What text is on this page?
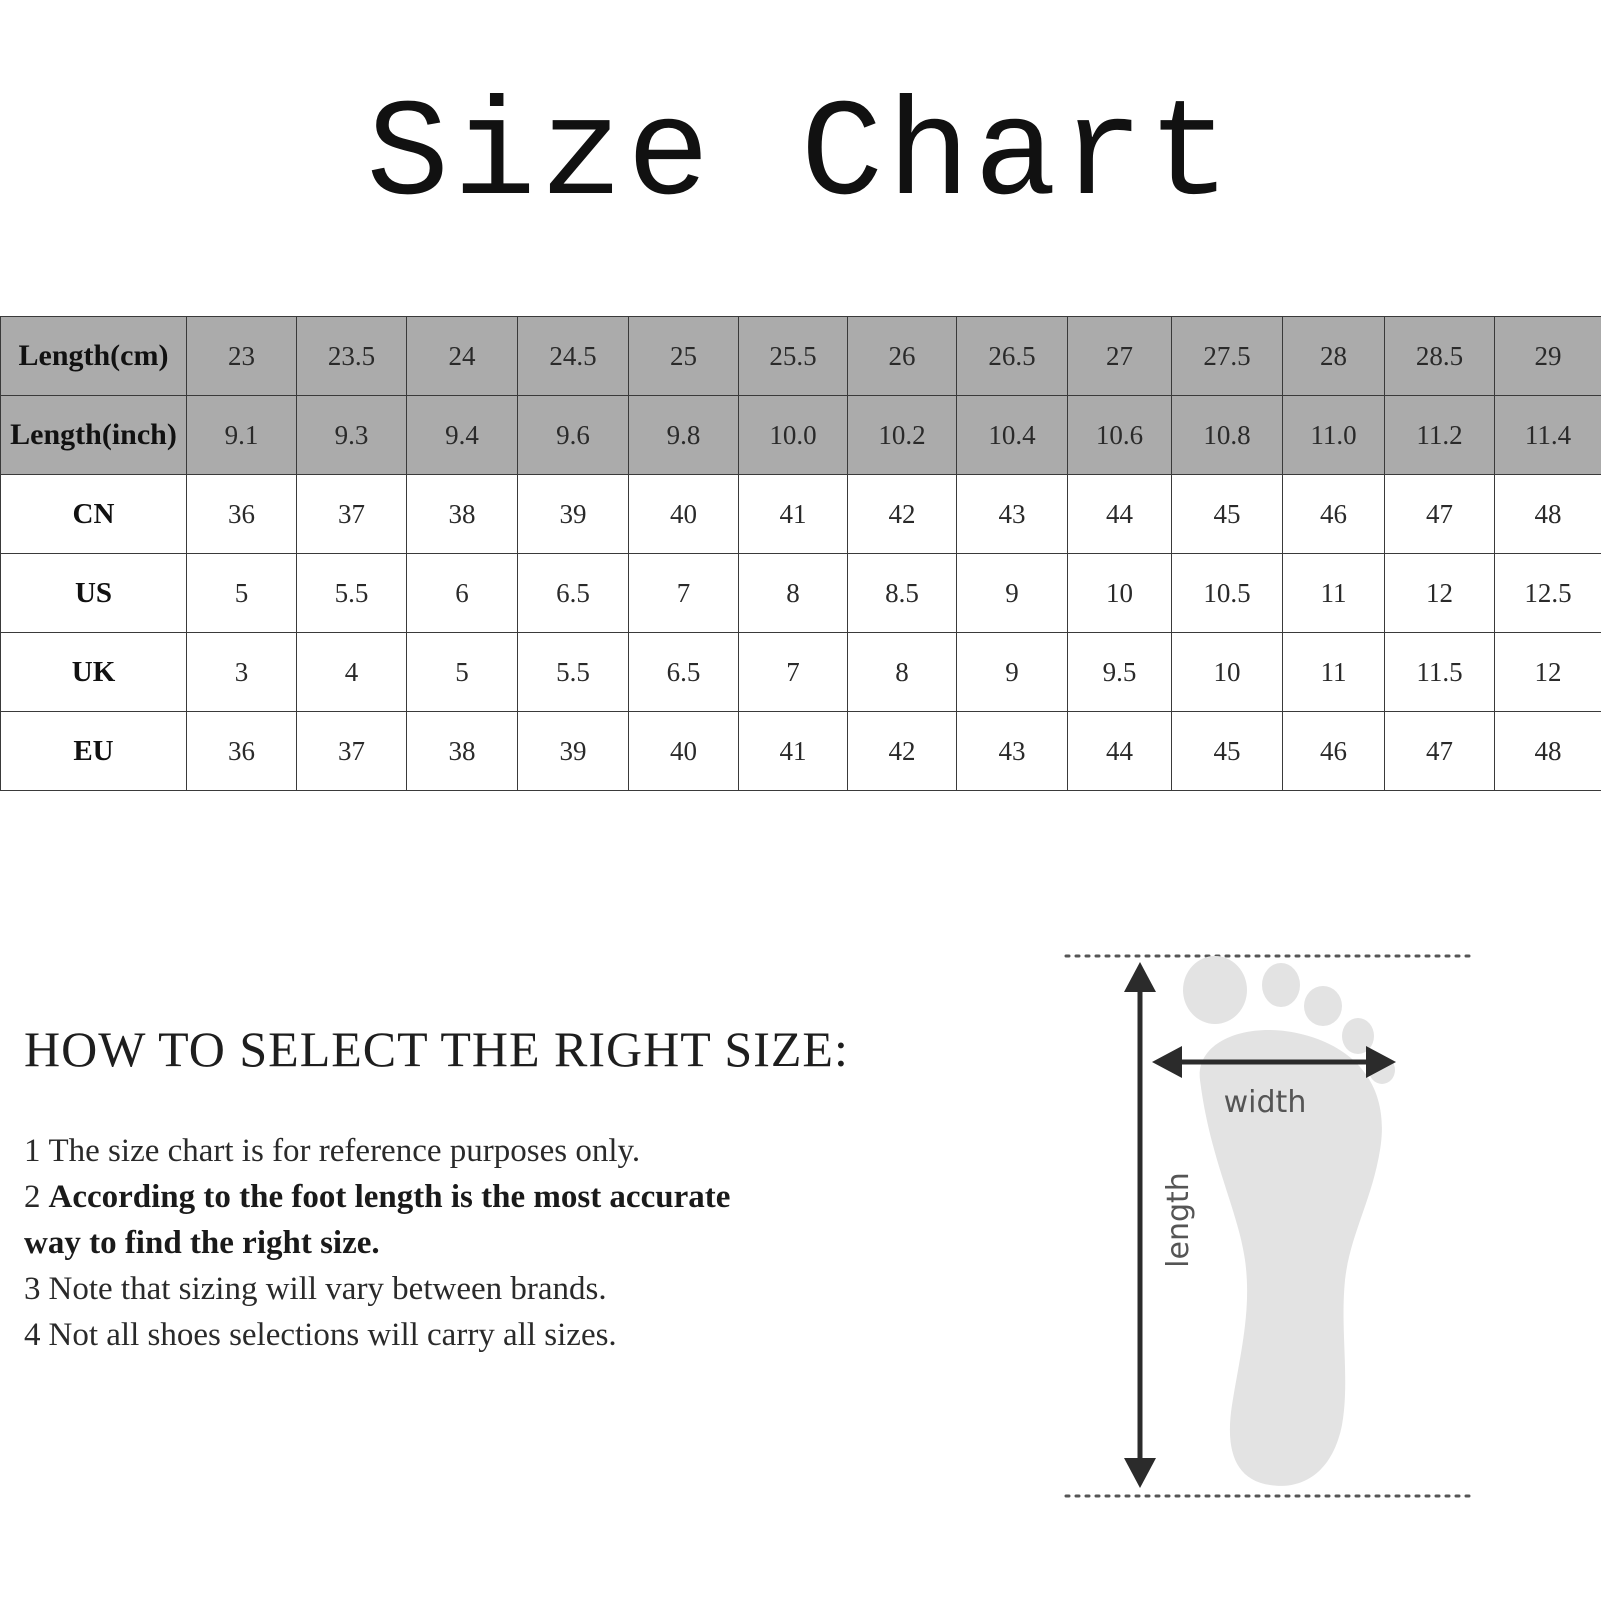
Size Chart
Length(cm)	23	23.5	24	24.5	25	25.5	26	26.5	27	27.5	28	28.5	29
Length(inch)	9.1	9.3	9.4	9.6	9.8	10.0	10.2	10.4	10.6	10.8	11.0	11.2	11.4
CN	36	37	38	39	40	41	42	43	44	45	46	47	48
US	5	5.5	6	6.5	7	8	8.5	9	10	10.5	11	12	12.5
UK	3	4	5	5.5	6.5	7	8	9	9.5	10	11	11.5	12
EU	36	37	38	39	40	41	42	43	44	45	46	47	48
HOW TO SELECT THE RIGHT SIZE:
1 The size chart is for reference purposes only.
2 According to the foot length is the most accurate way to find the right size.
3 Note that sizing will vary between brands.
4 Not all shoes selections will carry all sizes.
width
length
